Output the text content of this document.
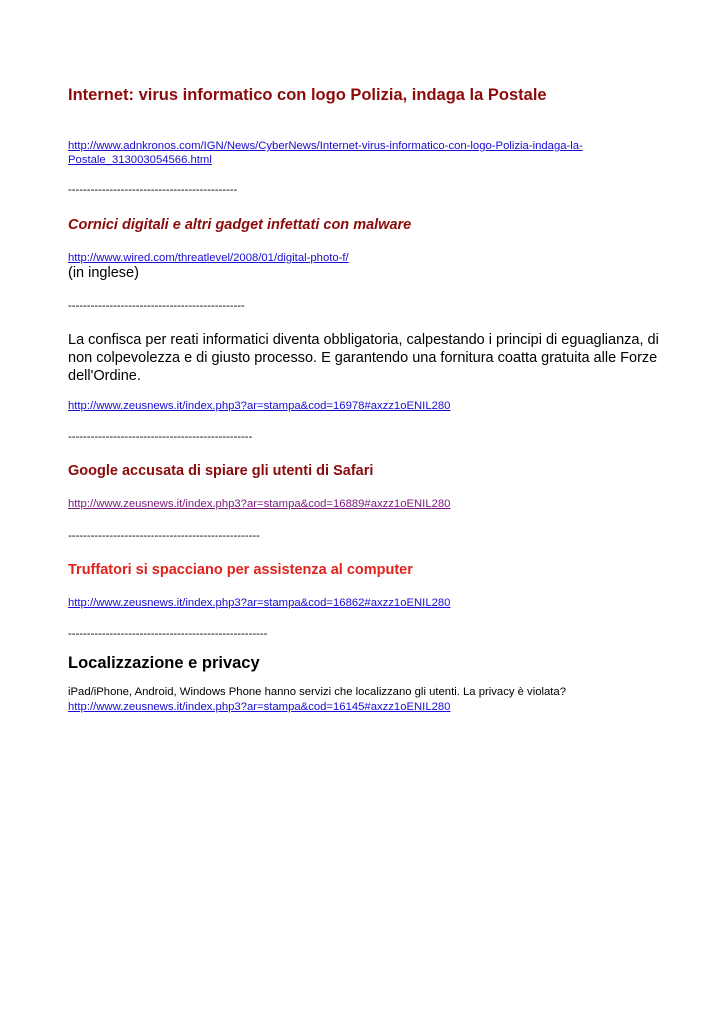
Internet: virus informatico con logo Polizia, indaga la Postale
http://www.adnkronos.com/IGN/News/CyberNews/Internet-virus-informatico-con-logo-Polizia-indaga-la-
Postale_313003054566.html
---------------------------------------------
Cornici digitali e altri gadget infettati con malware
http://www.wired.com/threatlevel/2008/01/digital-photo-f/
(in inglese)
-----------------------------------------------

La confisca per reati informatici diventa obbligatoria, calpestando i principi di eguaglianza, di non colpevolezza e di giusto processo. E garantendo una fornitura coatta gratuita alle Forze dell'Ordine.

http://www.zeusnews.it/index.php3?ar=stampa&cod=16978#axzz1oENIL280
-------------------------------------------------
Google accusata di spiare gli utenti di Safari
http://www.zeusnews.it/index.php3?ar=stampa&cod=16889#axzz1oENIL280
---------------------------------------------------
Truffatori si spacciano per assistenza al computer
http://www.zeusnews.it/index.php3?ar=stampa&cod=16862#axzz1oENIL280
-----------------------------------------------------
Localizzazione e privacy
iPad/iPhone, Android, Windows Phone hanno servizi che localizzano gli utenti. La privacy è violata?
http://www.zeusnews.it/index.php3?ar=stampa&cod=16145#axzz1oENIL280
